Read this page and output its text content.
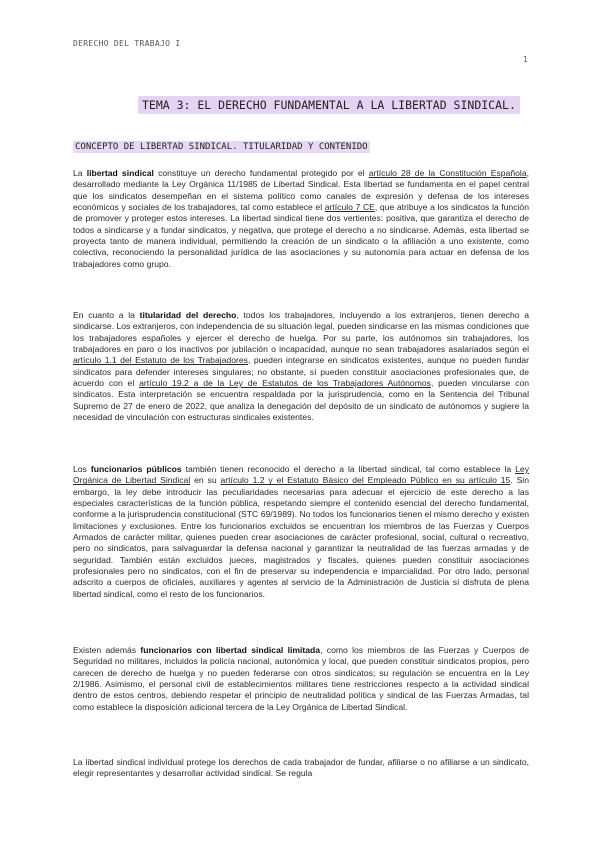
DERECHO DEL TRABAJO I
1
TEMA 3: EL DERECHO FUNDAMENTAL A LA LIBERTAD SINDICAL.
CONCEPTO DE LIBERTAD SINDICAL. TITULARIDAD Y CONTENIDO
La libertad sindical constituye un derecho fundamental protegido por el artículo 28 de la Constitución Española, desarrollado mediante la Ley Orgánica 11/1985 de Libertad Sindical. Esta libertad se fundamenta en el papel central que los sindicatos desempeñan en el sistema político como canales de expresión y defensa de los intereses económicos y sociales de los trabajadores, tal como establece el artículo 7 CE, que atribuye a los sindicatos la función de promover y proteger estos intereses. La libertad sindical tiene dos vertientes: positiva, que garantiza el derecho de todos a sindicarse y a fundar sindicatos, y negativa, que protege el derecho a no sindicarse. Además, esta libertad se proyecta tanto de manera individual, permitiendo la creación de un sindicato o la afiliación a uno existente, como colectiva, reconociendo la personalidad jurídica de las asociaciones y su autonomía para actuar en defensa de los trabajadores como grupo.
En cuanto a la titularidad del derecho, todos los trabajadores, incluyendo a los extranjeros, tienen derecho a sindicarse. Los extranjeros, con independencia de su situación legal, pueden sindicarse en las mismas condiciones que los trabajadores españoles y ejercer el derecho de huelga. Por su parte, los autónomos sin trabajadores, los trabajadores en paro o los inactivos por jubilación o incapacidad, aunque no sean trabajadores asalariados según el artículo 1.1 del Estatuto de los Trabajadores, pueden integrarse en sindicatos existentes, aunque no pueden fundar sindicatos para defender intereses singulares; no obstante, sí pueden constituir asociaciones profesionales que, de acuerdo con el artículo 19.2 a de la Ley de Estatutos de los Trabajadores Autónomos, pueden vincularse con sindicatos. Esta interpretación se encuentra respaldada por la jurisprudencia, como en la Sentencia del Tribunal Supremo de 27 de enero de 2022, que analiza la denegación del depósito de un sindicato de autónomos y sugiere la necesidad de vinculación con estructuras sindicales existentes.
Los funcionarios públicos también tienen reconocido el derecho a la libertad sindical, tal como establece la Ley Orgánica de Libertad Sindical en su artículo 1.2 y el Estatuto Básico del Empleado Público en su artículo 15. Sin embargo, la ley debe introducir las peculiaridades necesarias para adecuar el ejercicio de este derecho a las especiales características de la función pública, respetando siempre el contenido esencial del derecho fundamental, conforme a la jurisprudencia constitucional (STC 69/1989). No todos los funcionarios tienen el mismo derecho y existen limitaciones y exclusiones. Entre los funcionarios excluidos se encuentran los miembros de las Fuerzas y Cuerpos Armados de carácter militar, quienes pueden crear asociaciones de carácter profesional, social, cultural o recreativo, pero no sindicatos, para salvaguardar la defensa nacional y garantizar la neutralidad de las fuerzas armadas y de seguridad. También están excluidos jueces, magistrados y fiscales, quienes pueden constituir asociaciones profesionales pero no sindicatos, con el fin de preservar su independencia e imparcialidad. Por otro lado, personal adscrito a cuerpos de oficiales, auxiliares y agentes al servicio de la Administración de Justicia sí disfruta de plena libertad sindical, como el resto de los funcionarios.
Existen además funcionarios con libertad sindical limitada, como los miembros de las Fuerzas y Cuerpos de Seguridad no militares, incluidos la policía nacional, autonómica y local, que pueden constituir sindicatos propios, pero carecen de derecho de huelga y no pueden federarse con otros sindicatos; su regulación se encuentra en la Ley 2/1986. Asimismo, el personal civil de establecimientos militares tiene restricciones respecto a la actividad sindical dentro de estos centros, debiendo respetar el principio de neutralidad política y sindical de las Fuerzas Armadas, tal como establece la disposición adicional tercera de la Ley Orgánica de Libertad Sindical.
La libertad sindical individual protege los derechos de cada trabajador de fundar, afiliarse o no afiliarse a un sindicato, elegir representantes y desarrollar actividad sindical. Se regula
